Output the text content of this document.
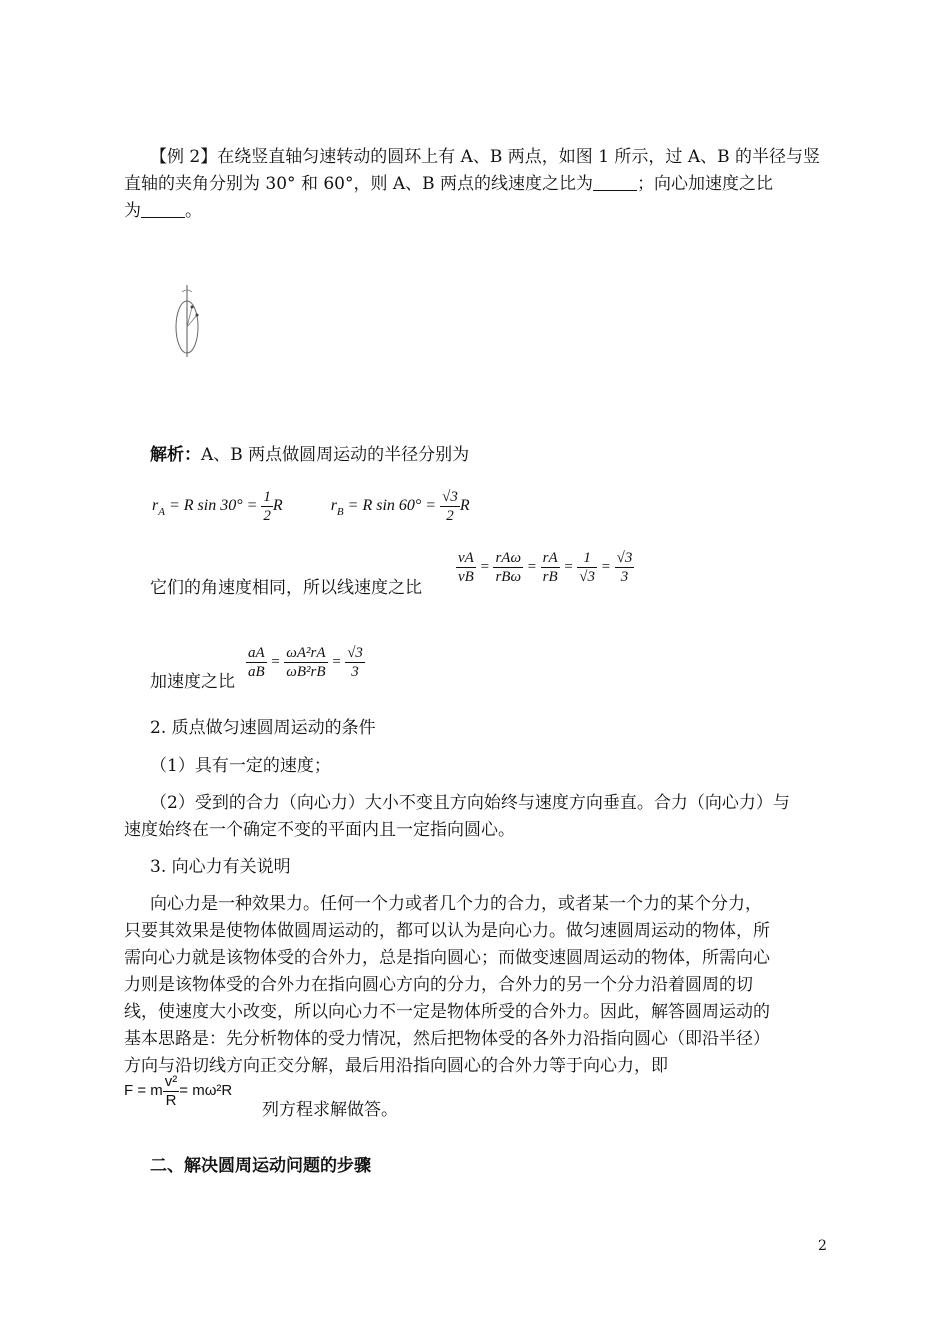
【例 2】在绕竖直轴匀速转动的圆环上有 A、B 两点，如图 1 所示，过 A、B 的半径与竖
直轴的夹角分别为 30° 和 60°，则 A、B 两点的线速度之比为	；向心加速度之比
为	。
解析：A、B 两点做圆周运动的半径分别为
$r_A = R$ $\sin 30^\circ = \frac{1}{2}$ R	$r_B = R$ $\sin 60^\circ = \frac{√3}{2}$ R
它们的角速度相同，所以线速度之比
$\frac{vA}{vB} = \frac{\text{rAω}}{\text{rBω}} = \frac{rA}{rB} = \frac{1}{√3} = \frac{√3}{3}$
加速度之比
$\frac{aA}{aB} = \frac{\text{ωA²rA}}{\text{ωB²rB}} = \frac{√3}{3}$
2. 质点做匀速圆周运动的条件
（1）具有一定的速度；
（2）受到的合力（向心力）大小不变且方向始终与速度方向垂直。合力（向心力）与
速度始终在一个确定不变的平面内且一定指向圆心。
3. 向心力有关说明
向心力是一种效果力。任何一个力或者几个力的合力，或者某一个力的某个分力，
只要其效果是使物体做圆周运动的，都可以认为是向心力。做匀速圆周运动的物体，所
需向心力就是该物体受的合外力，总是指向圆心；而做变速圆周运动的物体，所需向心
力则是该物体受的合外力在指向圆心方向的分力，合外力的另一个分力沿着圆周的切
线，使速度大小改变，所以向心力不一定是物体所受的合外力。因此，解答圆周运动的
基本思路是：先分析物体的受力情况，然后把物体受的各外力沿指向圆心（即沿半径）
方向与沿切线方向正交分解，最后用沿指向圆心的合外力等于向心力，即
F = m $\frac{\text{v²}}{R} = m\omega^2R$
列方程求解做答。
二、解决圆周运动问题的步骤
2
